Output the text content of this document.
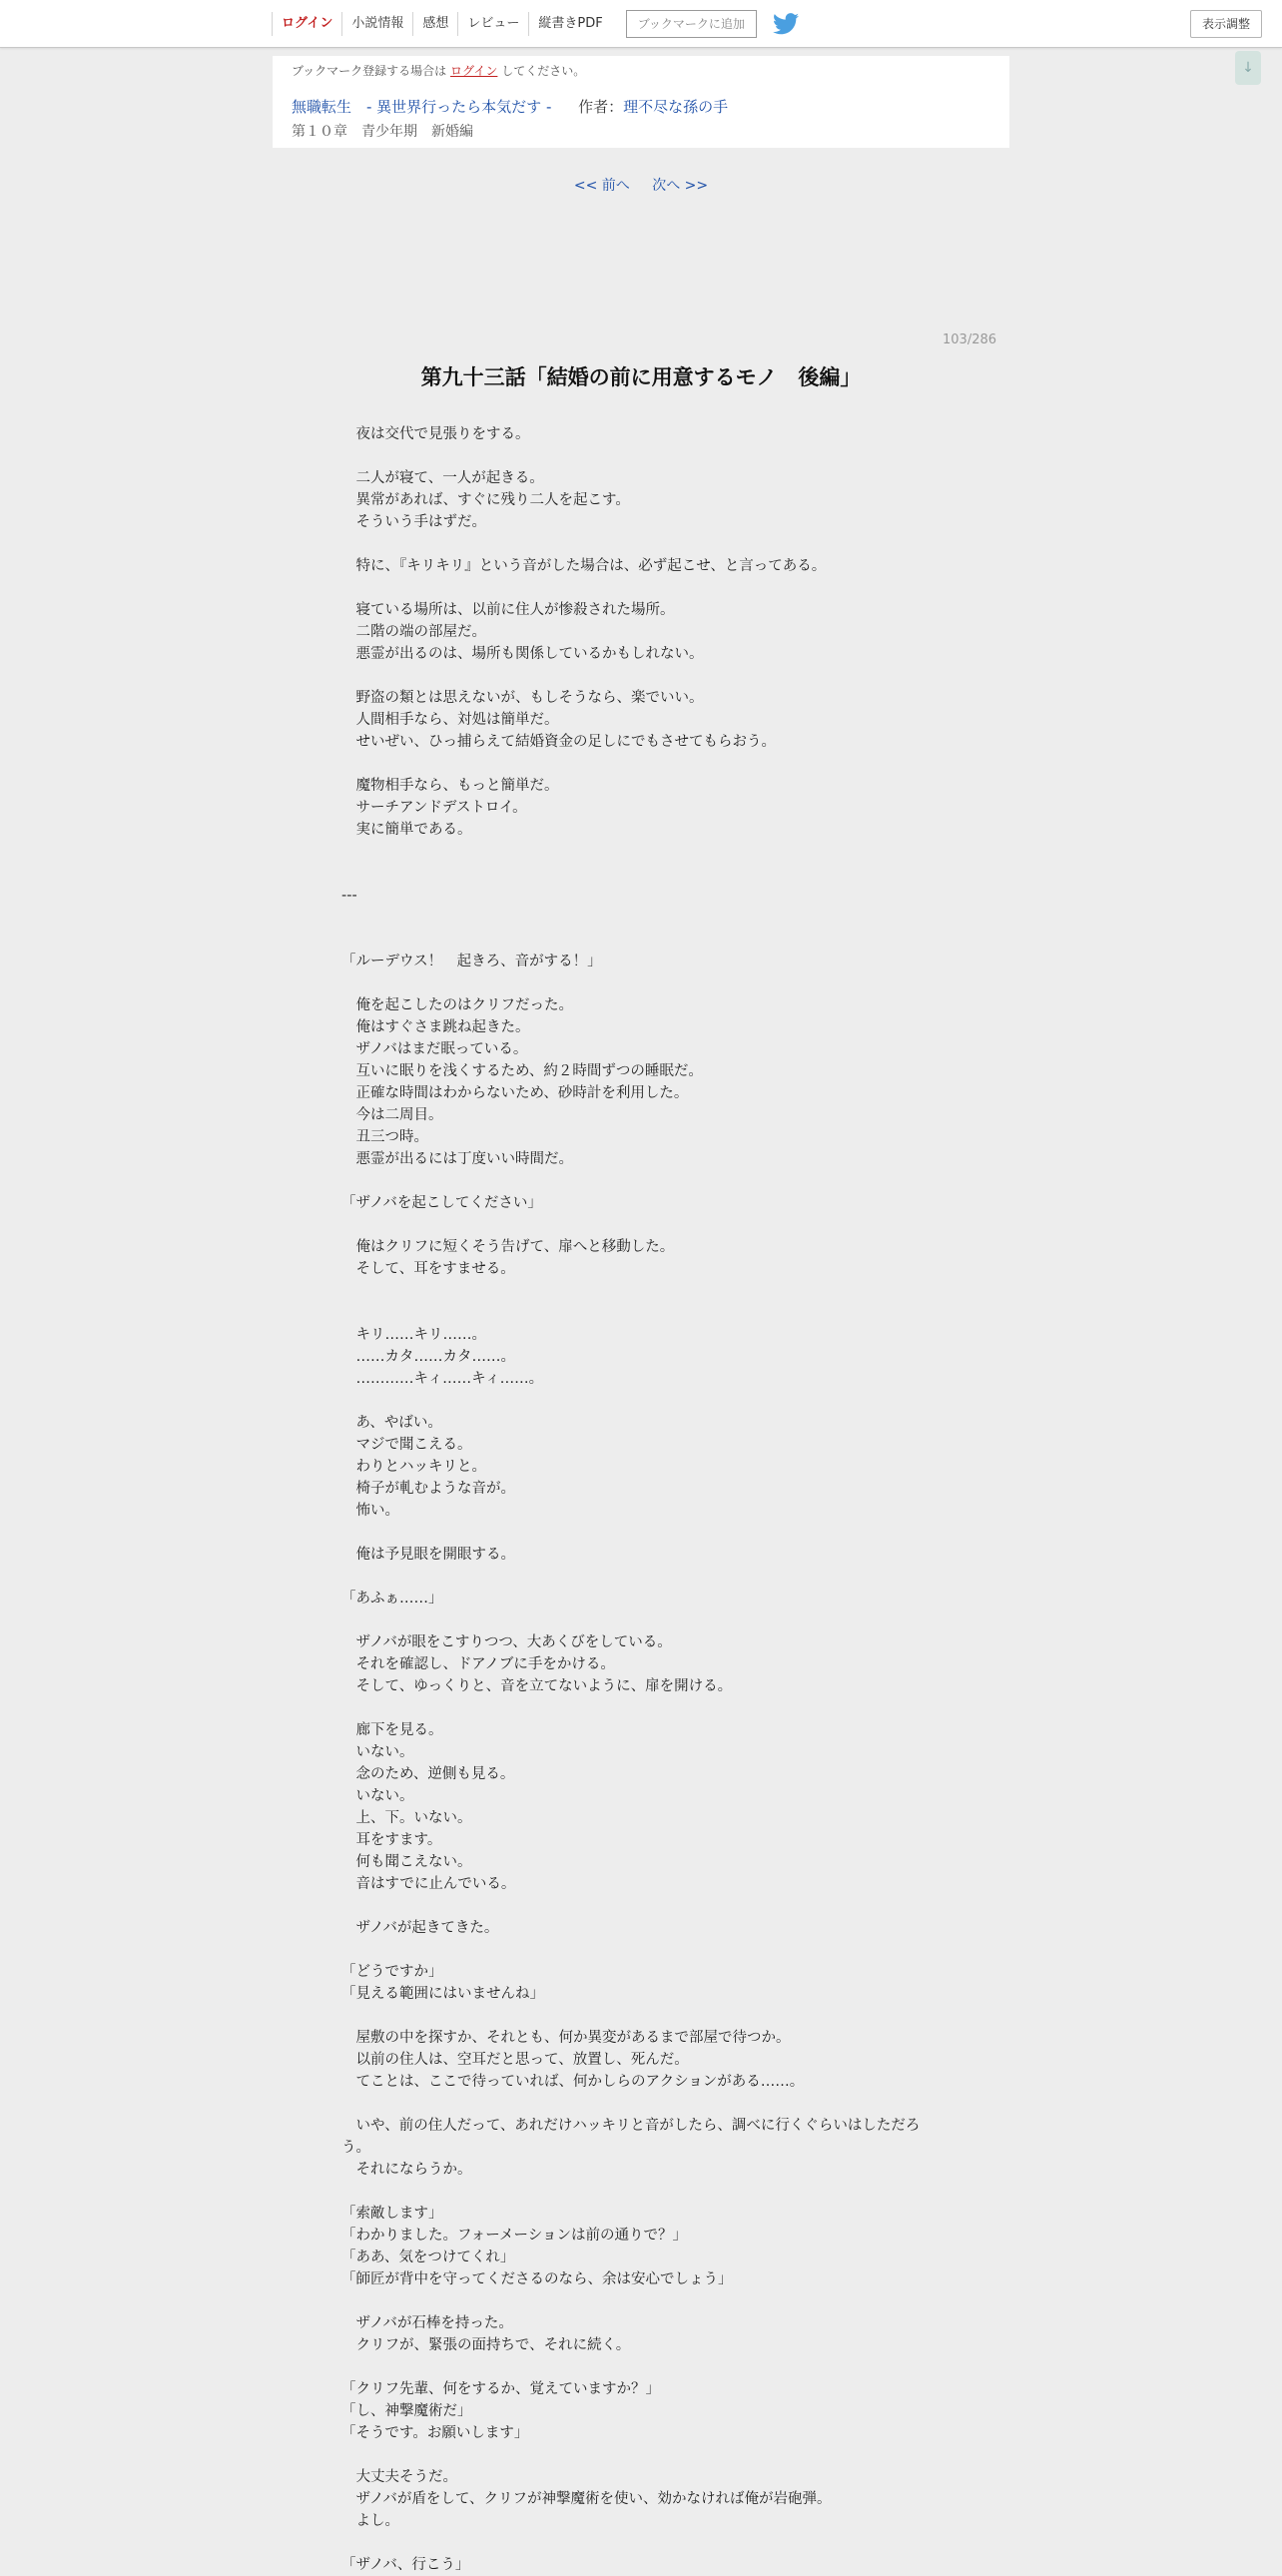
ログイン	小説情報	感想	レビュー	縦書きPDF	ブックマークに追加	表示調整
↓
ブックマーク登録する場合は ログイン してください。
無職転生　- 異世界行ったら本気だす - 作者：理不尽な孫の手
第１０章　青少年期　新婚編
<< 前へ 次へ >>
103/286
第九十三話「結婚の前に用意するモノ　後編」

　夜は交代で見張りをする。

　二人が寝て、一人が起きる。

　異常があれば、すぐに残り二人を起こす。

　そういう手はずだ。

　特に、『キリキリ』という音がした場合は、必ず起こせ、と言ってある。

　寝ている場所は、以前に住人が惨殺された場所。

　二階の端の部屋だ。

　悪霊が出るのは、場所も関係しているかもしれない。

　野盗の類とは思えないが、もしそうなら、楽でいい。

　人間相手なら、対処は簡単だ。

　せいぜい、ひっ捕らえて結婚資金の足しにでもさせてもらおう。

　魔物相手なら、もっと簡単だ。

　サーチアンドデストロイ。

　実に簡単である。

---

「ルーデウス！　起きろ、音がする！」

　俺を起こしたのはクリフだった。

　俺はすぐさま跳ね起きた。

　ザノバはまだ眠っている。

　互いに眠りを浅くするため、約２時間ずつの睡眠だ。

　正確な時間はわからないため、砂時計を利用した。

　今は二周目。

　丑三つ時。

　悪霊が出るには丁度いい時間だ。

「ザノバを起こしてください」

　俺はクリフに短くそう告げて、扉へと移動した。

　そして、耳をすませる。

　キリ……キリ……。

　……カタ……カタ……。

　…………キィ……キィ……。

　あ、やばい。

　マジで聞こえる。

　わりとハッキリと。

　椅子が軋むような音が。

　怖い。

　俺は予見眼を開眼する。

「あふぁ……」

　ザノバが眼をこすりつつ、大あくびをしている。

　それを確認し、ドアノブに手をかける。

　そして、ゆっくりと、音を立てないように、扉を開ける。

　廊下を見る。

　いない。

　念のため、逆側も見る。

　いない。

　上、下。いない。

　耳をすます。

　何も聞こえない。

　音はすでに止んでいる。

　ザノバが起きてきた。

「どうですか」

「見える範囲にはいませんね」

　屋敷の中を探すか、それとも、何か異変があるまで部屋で待つか。

　以前の住人は、空耳だと思って、放置し、死んだ。

　てことは、ここで待っていれば、何かしらのアクションがある……。

　いや、前の住人だって、あれだけハッキリと音がしたら、調べに行くぐらいはしただろ

う。

　それにならうか。

「索敵します」

「わかりました。フォーメーションは前の通りで？」

「ああ、気をつけてくれ」

「師匠が背中を守ってくださるのなら、余は安心でしょう」

　ザノバが石棒を持った。

　クリフが、緊張の面持ちで、それに続く。

「クリフ先輩、何をするか、覚えていますか？」

「し、神撃魔術だ」

「そうです。お願いします」

　大丈夫そうだ。

　ザノバが盾をして、クリフが神撃魔術を使い、効かなければ俺が岩砲弾。

　よし。

「ザノバ、行こう」
